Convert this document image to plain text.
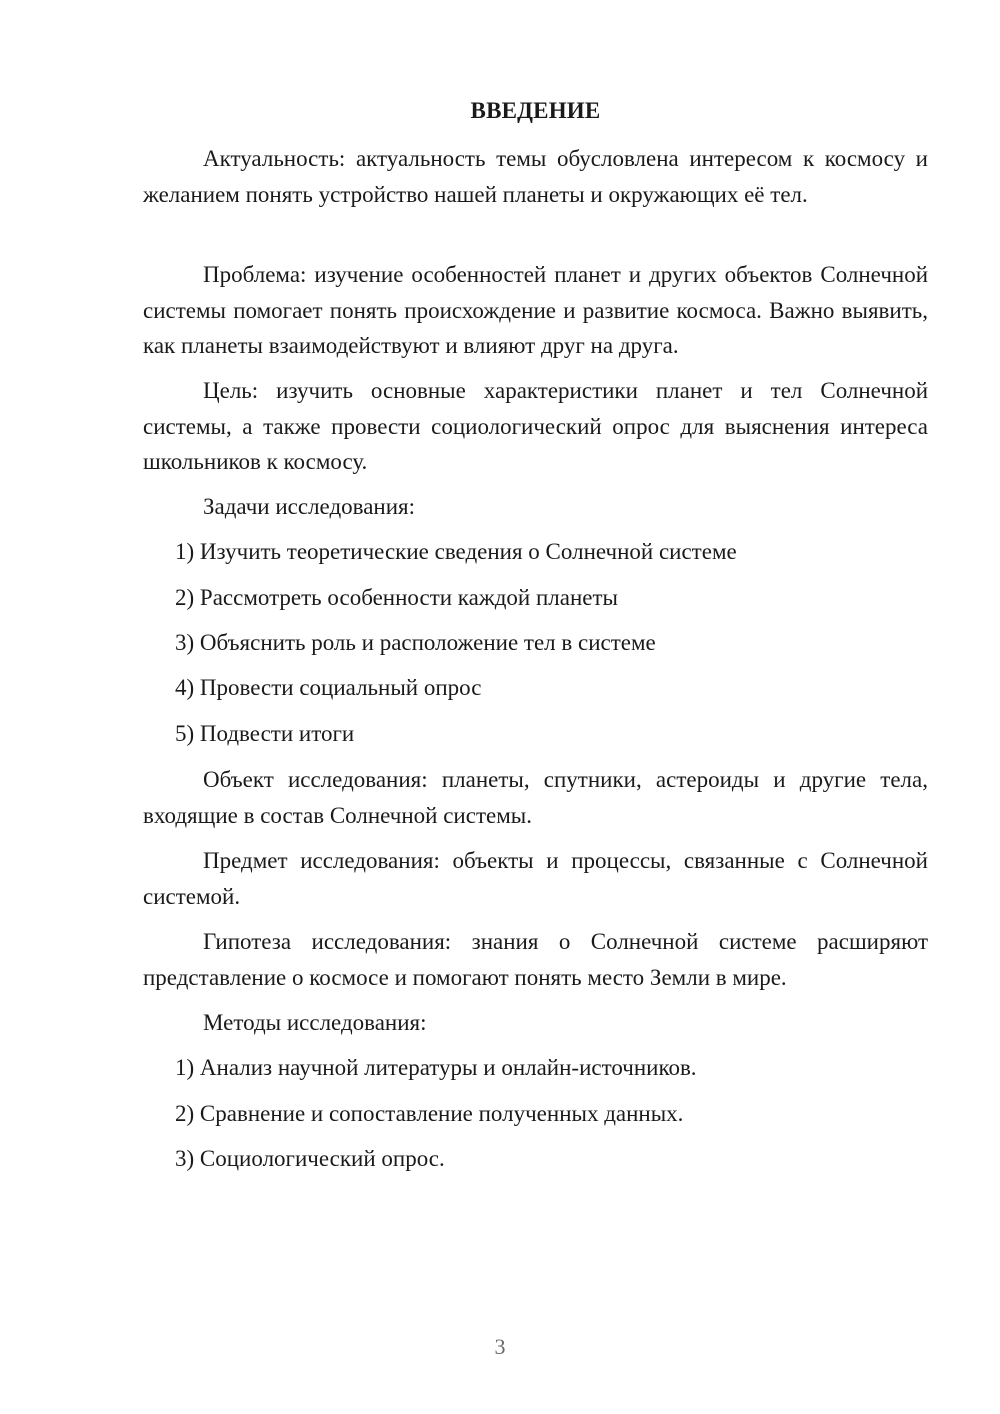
ВВЕДЕНИЕ

Актуальность: актуальность темы обусловлена интересом к космосу и желанием понять устройство нашей планеты и окружающих её тел.

Проблема: изучение особенностей планет и других объектов Солнечной системы помогает понять происхождение и развитие космоса. Важно выявить, как планеты взаимодействуют и влияют друг на друга.

Цель: изучить основные характеристики планет и тел Солнечной системы, а также провести социологический опрос для выяснения интереса школьников к космосу.

Задачи исследования:

1) Изучить теоретические сведения о Солнечной системе

2) Рассмотреть особенности каждой планеты

3) Объяснить роль и расположение тел в системе

4) Провести социальный опрос

5) Подвести итоги

Объект исследования: планеты, спутники, астероиды и другие тела, входящие в состав Солнечной системы.

Предмет исследования: объекты и процессы, связанные с Солнечной системой.

Гипотеза исследования: знания о Солнечной системе расширяют представление о космосе и помогают понять место Земли в мире.

Методы исследования:

1) Анализ научной литературы и онлайн-источников.

2) Сравнение и сопоставление полученных данных.

3) Социологический опрос.

3
